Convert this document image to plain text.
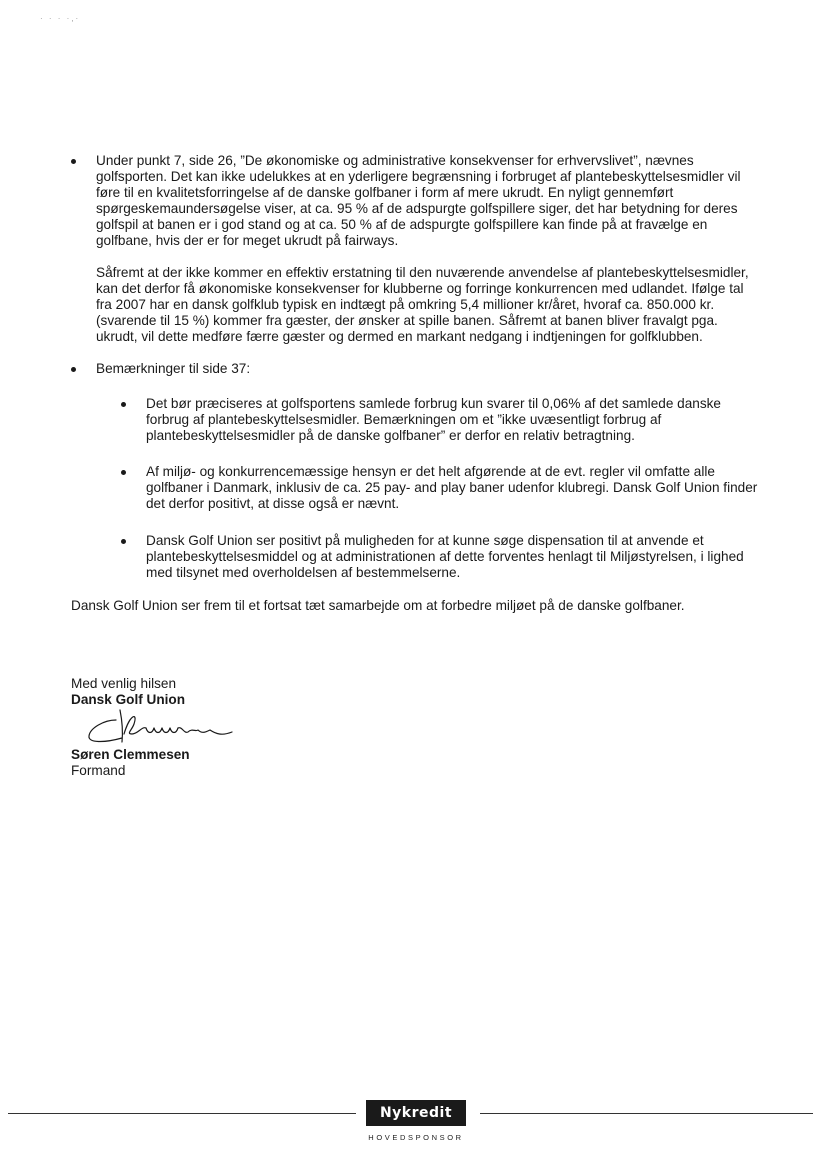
· · · ·,·

Under punkt 7, side 26, ”De økonomiske og administrative konsekvenser for erhvervslivet”, nævnes golfsporten. Det kan ikke udelukkes at en yderligere begrænsning i forbruget af plantebeskyttelsesmidler vil føre til en kvalitetsforringelse af de danske golfbaner i form af mere ukrudt. En nyligt gennemført spørgeskemaundersøgelse viser, at ca. 95 % af de adspurgte golfspillere siger, det har betydning for deres golfspil at banen er i god stand og at ca. 50 % af de adspurgte golfspillere kan finde på at fravælge en golfbane, hvis der er for meget ukrudt på fairways.

Såfremt at der ikke kommer en effektiv erstatning til den nuværende anvendelse af plantebeskyttelsesmidler, kan det derfor få økonomiske konsekvenser for klubberne og forringe konkurrencen med udlandet. Ifølge tal fra 2007 har en dansk golfklub typisk en indtægt på omkring 5,4 millioner kr/året, hvoraf ca. 850.000 kr. (svarende til 15 %) kommer fra gæster, der ønsker at spille banen. Såfremt at banen bliver fravalgt pga. ukrudt, vil dette medføre færre gæster og dermed en markant nedgang i indtjeningen for golfklubben.

Bemærkninger til side 37:

Det bør præciseres at golfsportens samlede forbrug kun svarer til 0,06% af det samlede danske forbrug af plantebeskyttelsesmidler. Bemærkningen om et ”ikke uvæsentligt forbrug af plantebeskyttelsesmidler på de danske golfbaner” er derfor en relativ betragtning.

Af miljø- og konkurrencemæssige hensyn er det helt afgørende at de evt. regler vil omfatte alle golfbaner i Danmark, inklusiv de ca. 25 pay- and play baner udenfor klubregi. Dansk Golf Union finder det derfor positivt, at disse også er nævnt.

Dansk Golf Union ser positivt på muligheden for at kunne søge dispensation til at anvende et plantebeskyttelsesmiddel og at administrationen af dette forventes henlagt til Miljøstyrelsen, i lighed med tilsynet med overholdelsen af bestemmelserne.

Dansk Golf Union ser frem til et fortsat tæt samarbejde om at forbedre miljøet på de danske golfbaner.

Med venlig hilsen

Dansk Golf Union

Søren Clemmesen

Formand

Nykredit
HOVEDSPONSOR
